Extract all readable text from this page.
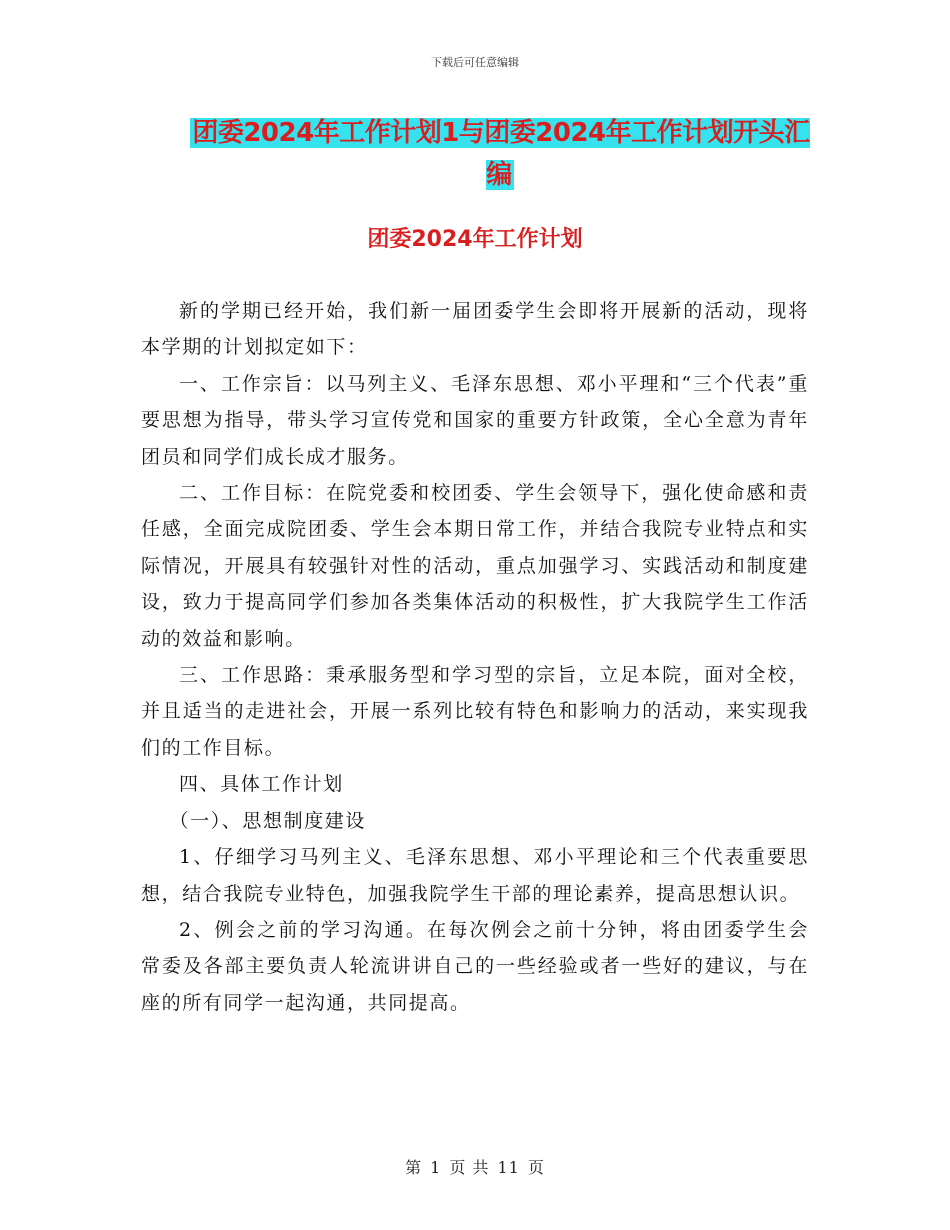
下载后可任意编辑
团委2024年工作计划1与团委2024年工作计划开头汇编
团委2024年工作计划

新的学期已经开始，我们新一届团委学生会即将开展新的活动，现将本学期的计划拟定如下：

一、工作宗旨：以马列主义、毛泽东思想、邓小平理和“三个代表”重要思想为指导，带头学习宣传党和国家的重要方针政策，全心全意为青年团员和同学们成长成才服务。

二、工作目标：在院党委和校团委、学生会领导下，强化使命感和责任感，全面完成院团委、学生会本期日常工作，并结合我院专业特点和实际情况，开展具有较强针对性的活动，重点加强学习、实践活动和制度建设，致力于提高同学们参加各类集体活动的积极性，扩大我院学生工作活动的效益和影响。

三、工作思路：秉承服务型和学习型的宗旨，立足本院，面对全校，并且适当的走进社会，开展一系列比较有特色和影响力的活动，来实现我们的工作目标。

四、具体工作计划

（一）、思想制度建设

1、仔细学习马列主义、毛泽东思想、邓小平理论和三个代表重要思想，结合我院专业特色，加强我院学生干部的理论素养，提高思想认识。

2、例会之前的学习沟通。在每次例会之前十分钟，将由团委学生会常委及各部主要负责人轮流讲讲自己的一些经验或者一些好的建议，与在座的所有同学一起沟通，共同提高。

第 1 页 共 11 页
